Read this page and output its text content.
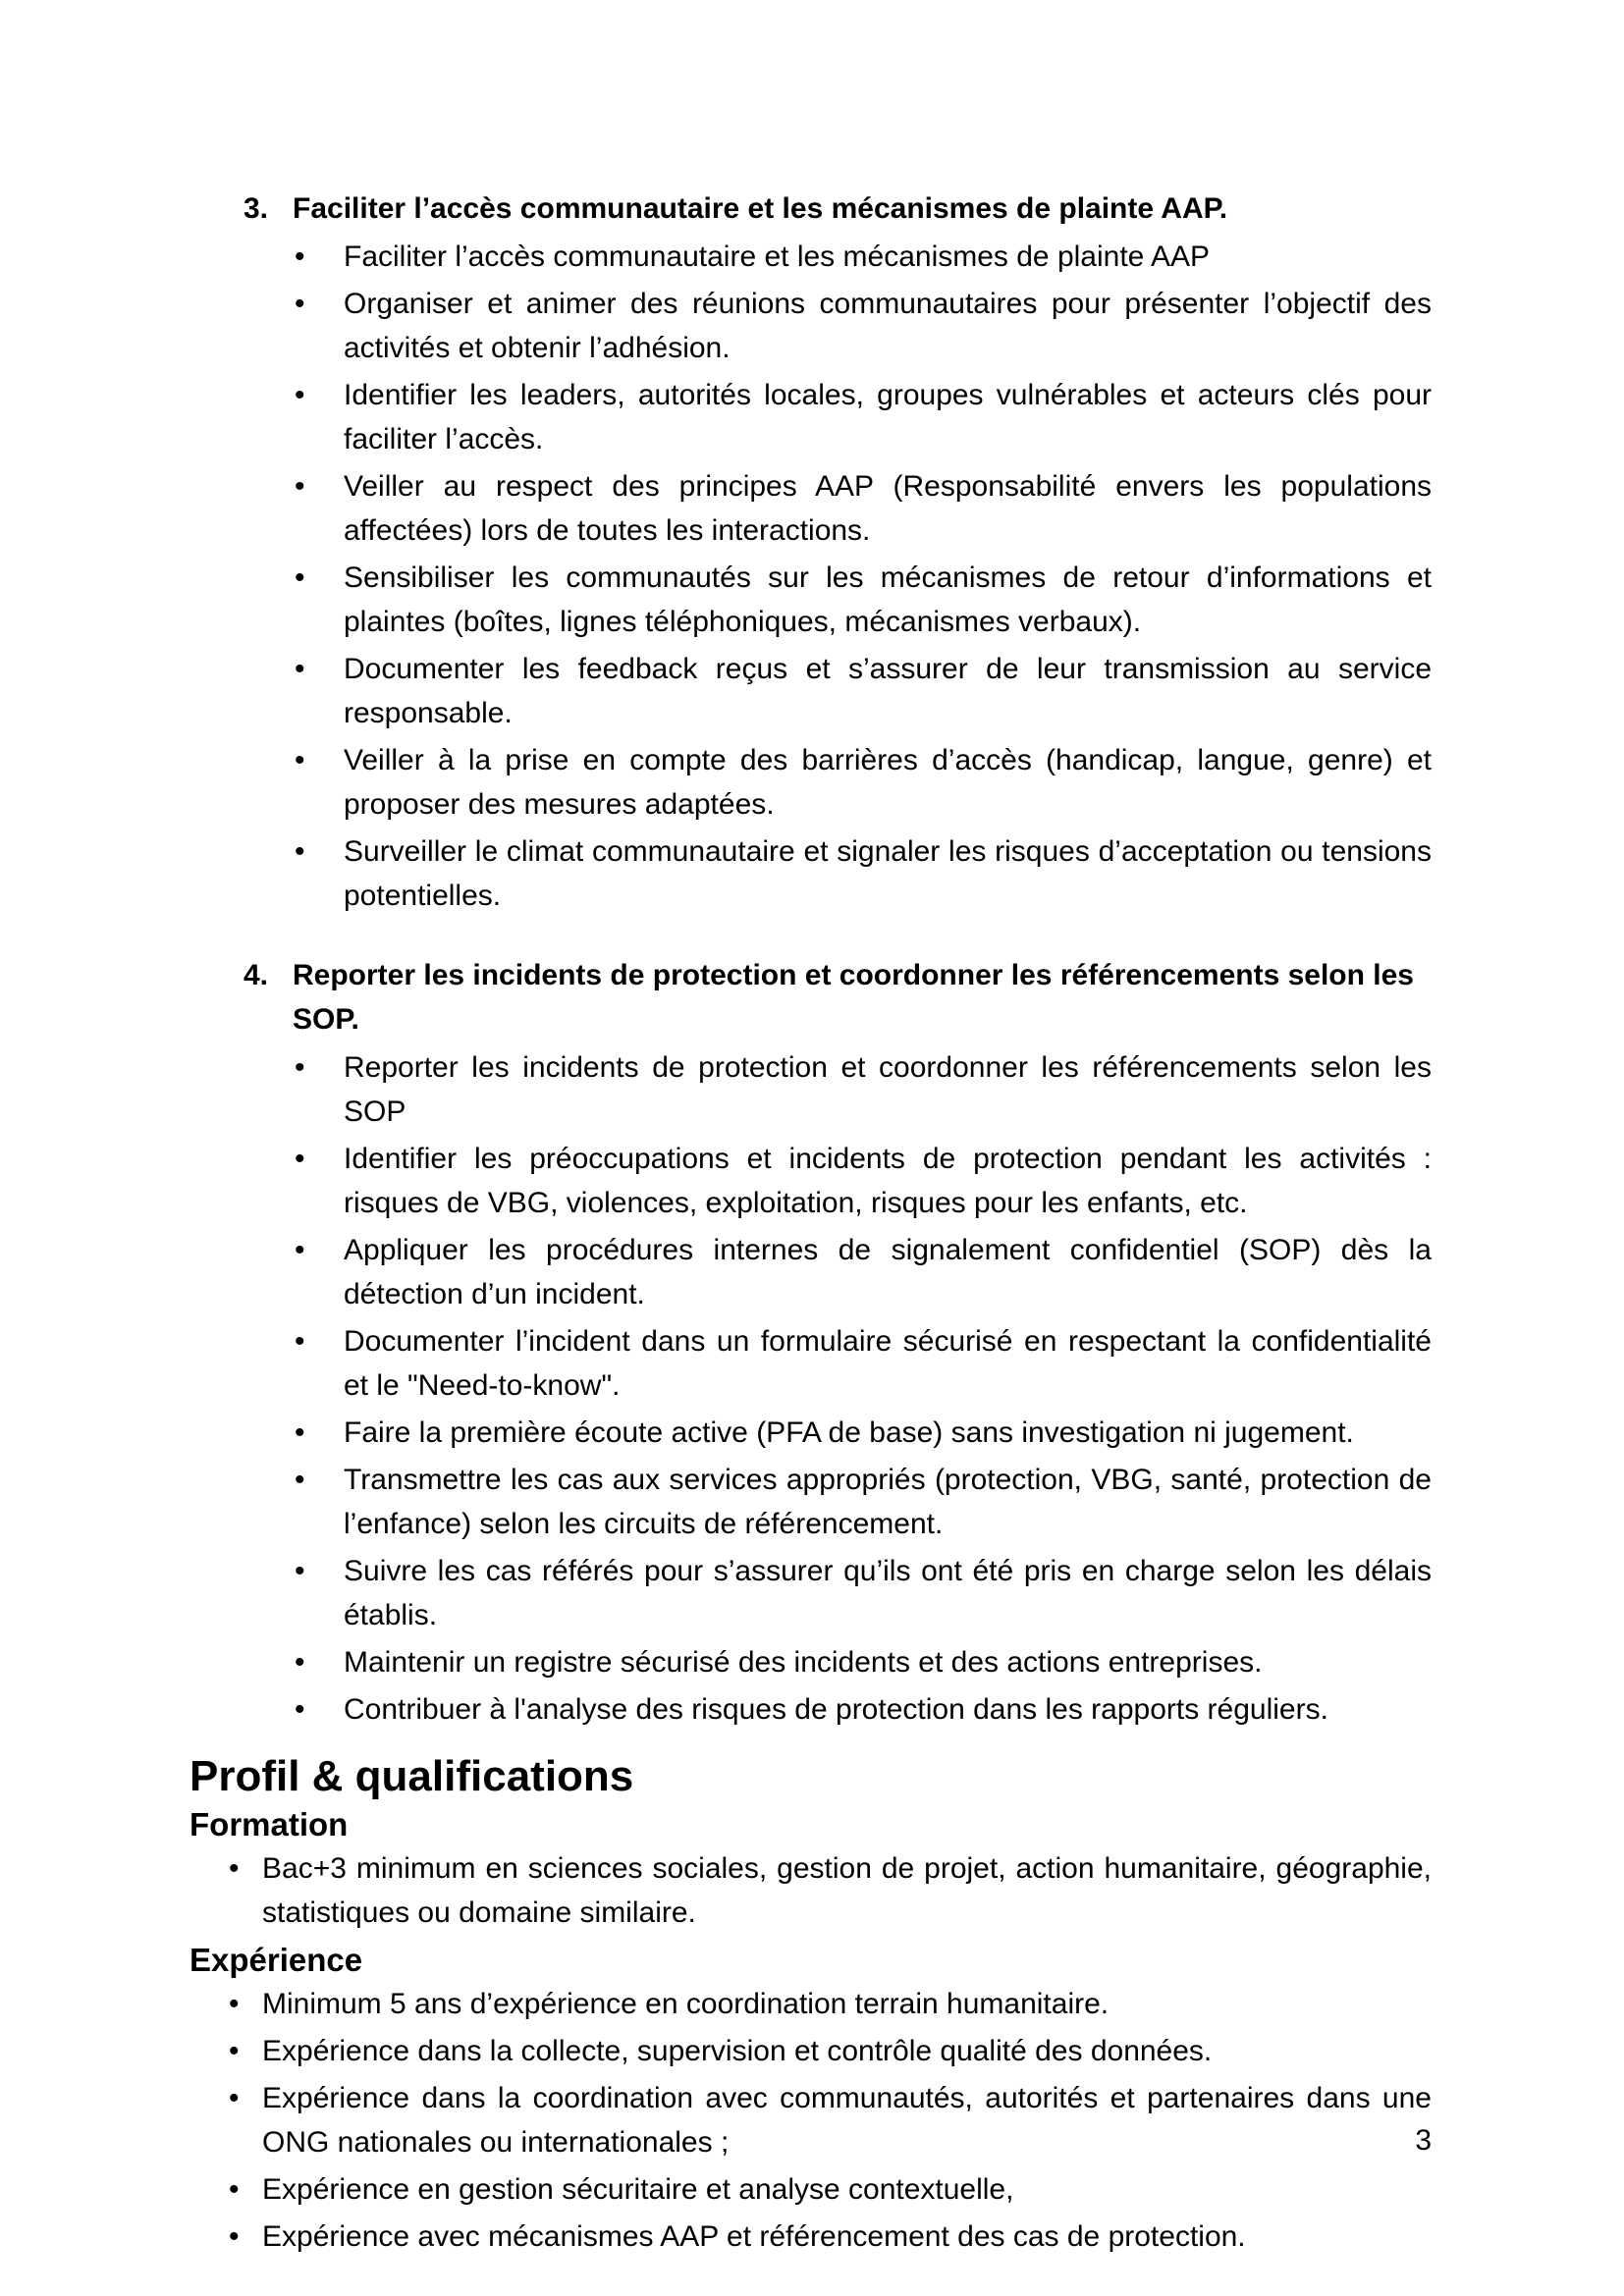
3. Faciliter l’accès communautaire et les mécanismes de plainte AAP.
•	Faciliter l’accès communautaire et les mécanismes de plainte AAP
•	Organiser et animer des réunions communautaires pour présenter l’objectif des activités et obtenir l’adhésion.
•	Identifier les leaders, autorités locales, groupes vulnérables et acteurs clés pour faciliter l’accès.
•	Veiller au respect des principes AAP (Responsabilité envers les populations affectées) lors de toutes les interactions.
•	Sensibiliser les communautés sur les mécanismes de retour d’informations et plaintes (boîtes, lignes téléphoniques, mécanismes verbaux).
•	Documenter les feedback reçus et s’assurer de leur transmission au service responsable.
•	Veiller à la prise en compte des barrières d’accès (handicap, langue, genre) et proposer des mesures adaptées.
•	Surveiller le climat communautaire et signaler les risques d’acceptation ou tensions potentielles.
4. Reporter les incidents de protection et coordonner les référencements selon les SOP.
•	Reporter les incidents de protection et coordonner les référencements selon les SOP
•	Identifier les préoccupations et incidents de protection pendant les activités : risques de VBG, violences, exploitation, risques pour les enfants, etc.
•	Appliquer les procédures internes de signalement confidentiel (SOP) dès la détection d’un incident.
•	Documenter l’incident dans un formulaire sécurisé en respectant la confidentialité et le "Need-to-know".
•	Faire la première écoute active (PFA de base) sans investigation ni jugement.
•	Transmettre les cas aux services appropriés (protection, VBG, santé, protection de l’enfance) selon les circuits de référencement.
•	Suivre les cas référés pour s’assurer qu’ils ont été pris en charge selon les délais établis.
•	Maintenir un registre sécurisé des incidents et des actions entreprises.
•	Contribuer à l'analyse des risques de protection dans les rapports réguliers.
Profil & qualifications
Formation
• Bac+3 minimum en sciences sociales, gestion de projet, action humanitaire, géographie, statistiques ou domaine similaire.
Expérience
• Minimum 5 ans d’expérience en coordination terrain humanitaire.
• Expérience dans la collecte, supervision et contrôle qualité des données.
• Expérience dans la coordination avec communautés, autorités et partenaires dans une ONG nationales ou internationales ;
• Expérience en gestion sécuritaire et analyse contextuelle,
• Expérience avec mécanismes AAP et référencement des cas de protection.
3
